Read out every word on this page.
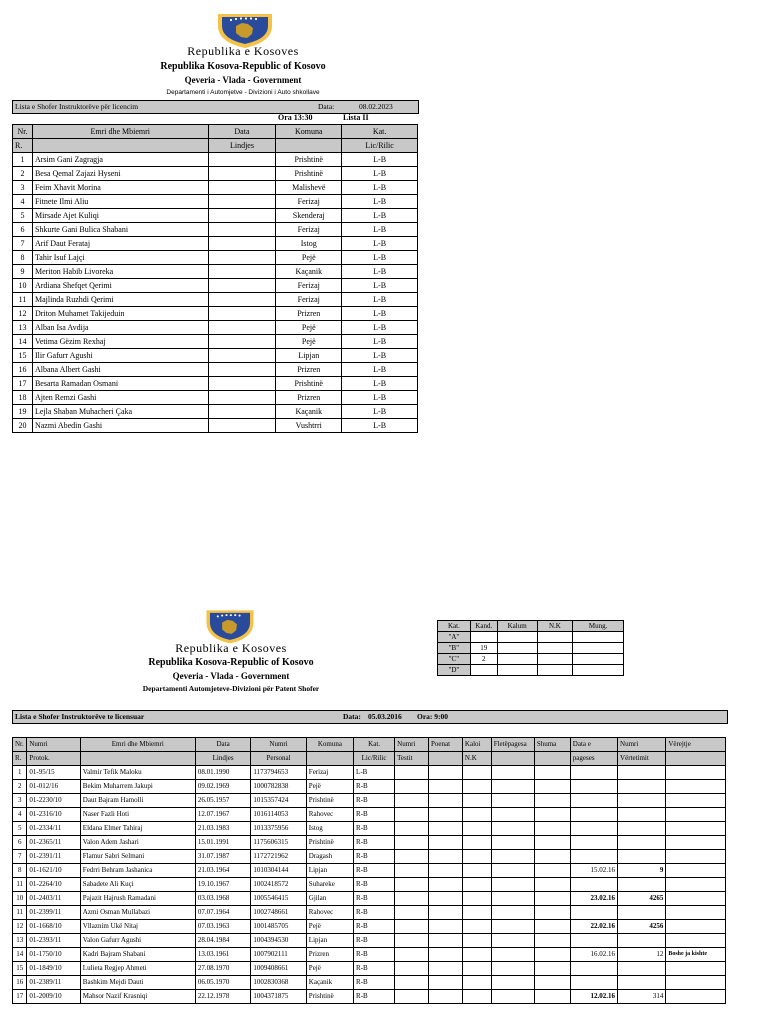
Republika e Kosoves
Republika Kosova-Republic of Kosovo
Qeveria - Vlada - Government
Departamenti i Automjetve - Divizioni i Auto shkollave
Lista e Shofer Instruktorëve për licencim	Data:	08.02.2023
Ora 13:30	Lista II
Nr.	Emri dhe Mbiemri	Data	Komuna	Kat.
R.		Lindjes		Lic/Rilic
1	Arsim Gani Zagragja		Prishtinë	L-B
2	Besa Qemal Zajazi Hyseni		Prishtinë	L-B
3	Feim Xhavit Morina		Malishevë	L-B
4	Fitnete Ilmi Aliu		Ferizaj	L-B
5	Mirsade Ajet Kuliqi		Skenderaj	L-B
6	Shkurte Gani Bulica Shabani		Ferizaj	L-B
7	Arif Daut Ferataj		Istog	L-B
8	Tahir Isuf Lajçi		Pejë	L-B
9	Meriton Habib Livoreka		Kaçanik	L-B
10	Ardiana Shefqet Qerimi		Ferizaj	L-B
11	Majlinda Ruzhdi Qerimi		Ferizaj	L-B
12	Driton Muhamet Takijeduin		Prizren	L-B
13	Alban Isa Avdija		Pejë	L-B
14	Vetima Gëzim Rexhaj		Pejë	L-B
15	Ilir Gafurr Agushi		Lipjan	L-B
16	Albana Albert Gashi		Prizren	L-B
17	Besarta Ramadan Osmani		Prishtinë	L-B
18	Ajten Remzi Gashi		Prizren	L-B
19	Lejla Shaban Muhacheri Çaka		Kaçanik	L-B
20	Nazmi Abedin Gashi		Vushtrri	L-B
Republika e Kosoves
Republika Kosova-Republic of Kosovo
Qeveria - Vlada - Government
Departamenti Automjeteve-Divizioni për Patent Shofer
Kat.	Kand.	Kalum	N.K	Mung.
"A"				
"B"	19			
"C"	2			
"D"				
Lista e Shofer Instruktorëve te licensuar	Data: 05.03.2016 Ora: 9:00
Nr.	Numri	Emri dhe Mbiemri	Data	Numri	Komuna	Kat.	Numri	Poenat	Kaloi	Fletëpagesa	Shuma	Data e	Numri	Vërejtje
R.	Protok.		Lindjes	Personal		Lic/Rilic	Testit		N.K			pageses	Vërtetimit	
1	01-95/15	Valmir Tefik Maloku	08.01.1990	1173794653	Ferizaj	L-B								
2	01-012/16	Bekim Muharrem Jakupi	09.02.1969	1000782838	Pejë	R-B								
3	01-2230/10	Daut Bajram Hamolli	26.05.1957	1015357424	Prishtinë	R-B								
4	01-2316/10	Naser Fazli Hoti	12.07.1967	1016114053	Rahovec	R-B								
5	01-2334/11	Eldana Elmer Tahiraj	21.03.1983	1013375956	Istog	R-B								
6	01-2365/11	Valon Adem Jashari	15.01.1991	1175606315	Prishtinë	R-B								
7	01-2391/11	Flamur Sabri Selmani	31.07.1987	1172721962	Dragash	R-B								
8	01-1621/10	Fedrri Behram Jashanica	21.03.1964	1010304144	Lipjan	R-B						15.02.16	9	
11	01-2264/10	Sabadete Ali Kuçi	19.10.1967	1002418572	Suhareke	R-B								
10	01-2403/11	Pajazit Hajrush Ramadani	03.03.1968	1005546415	Gjilan	R-B						23.02.16	4265	
11	01-2399/11	Azmi Osman Mullabazi	07.07.1964	1002748661	Rahovec	R-B								
12	01-1668/10	Vllaznim Ukë Nitaj	07.03.1963	1001485705	Pejë	R-B						22.02.16	4256	
13	01-2393/11	Valon Gafurr Agushi	28.04.1984	1004394530	Lipjan	R-B								
14	01-1750/10	Kadri Bajram Shabani	13.03.1961	1007902111	Prizren	R-B						16.02.16	12	Boshe ja kishte
15	01-1849/10	Lulieta Regjep Ahmeti	27.08.1970	1009408661	Pejë	R-B								
16	01-2389/11	Bashkim Mejdi Dauti	06.05.1970	1002830368	Kaçanik	R-B								
17	01-2009/10	Mahsor Nazif Krasniqi	22.12.1978	1004371875	Prishtinë	R-B						12.02.16	314	
